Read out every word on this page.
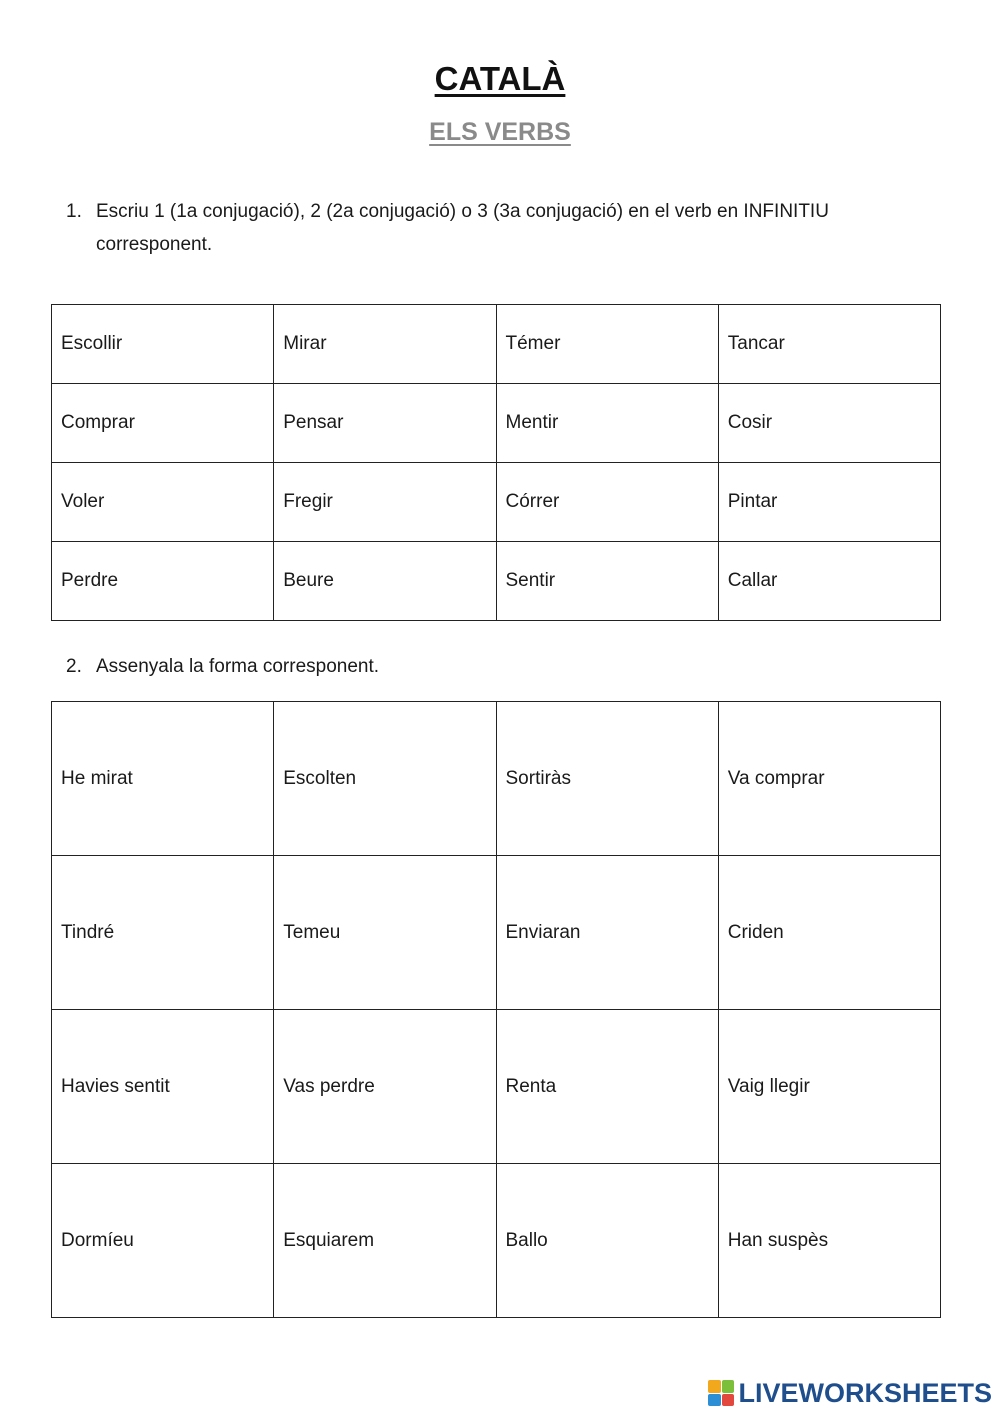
CATALÀ
ELS VERBS
1. Escriu 1 (1a conjugació), 2 (2a conjugació) o 3 (3a conjugació) en el verb en INFINITIU corresponent.
Escollir	Mirar	Témer	Tancar
Comprar	Pensar	Mentir	Cosir
Voler	Fregir	Córrer	Pintar
Perdre	Beure	Sentir	Callar
2. Assenyala la forma corresponent.
He mirat	Escolten	Sortiràs	Va comprar
Tindré	Temeu	Enviaran	Criden
Havies sentit	Vas perdre	Renta	Vaig llegir
Dormíeu	Esquiarem	Ballo	Han suspès
LIVEWORKSHEETS
